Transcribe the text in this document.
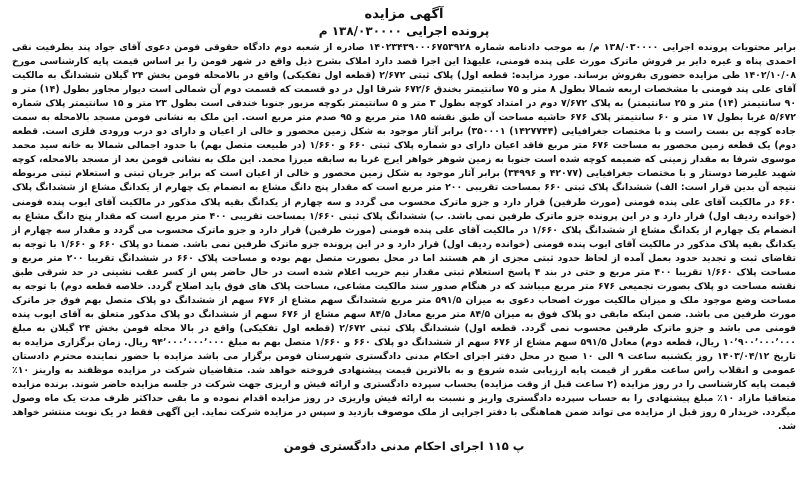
آگهی مزایده
پرونده اجرایی ۱۳۸/۰۳۰۰۰۰ م

برابر محتویات پرونده اجرایی ۱۳۸/۰۳۰۰۰۰ م/ به موجب دادنامه شماره ۱۴۰۲۳۴۳۹۰۰۰۶۷۵۳۹۲۸ صادره از شعبه دوم دادگاه حقوقی فومن دعوی آقای جواد پند بطرفیت نقی احمدی پناه و غیره دایر بر فروش ماترک مورث علی پنده فومنی، علیهذا این اجرا قصد دارد املاک بشرح ذیل واقع در شهر فومن را بر اساس قیمت پایه کارشناسی مورخ ۱۴۰۲/۱۰/۰۸ طی مزایده حضوری بفروش برساند. مورد مزایده: قطعه اول) پلاک ثبتی ۲/۶۷۲ (قطعه اول تفکیکی) واقع در بالامحله فومن بخش ۲۴ گیلان ششدانگ به مالکیت آقای علی پند فومنی با مشخصات اربعه شمالا بطول ۸ متر و ۷۵ سانتیمتر بخندق ۶۷۲/۶ شرقا اول در دو قسمت که قسمت دوم آن شمالی است دیوار مجاور بطول (۱۴) متر و ۹۰ سانتیمتر (۱۴) متر و ۲۵ سانتیمتر) به پلاک ۷/۶۷۲ دوم در امتداد کوچه بطول ۳ متر و ۵ سانتیمتر بکوچه مزبور جنوبا خندقی است بطول ۲۳ متر و ۱۵ سانتیمتر پلاک شماره ۵/۶۷۲ غربا بطول ۱۷ متر و ۶۰ سانتیمتر پلاک ۶۷۶ حاشیه مساحت آن طبق نقشه ۱۸۵ متر مربع و ۹۵ صدم متر مربع است. این ملک به نشانی فومن مسجد بالامحله به سمت جاده کوچه بن بست راست و با مختصات جغرافیایی (۱۴۲۷۷۴۴) ۳۵۰۰۰۱) برابر آثار موجود به شکل زمین محصور و خالی از اعیان و دارای دو درب ورودی فلزی است. قطعه دوم) یک قطعه زمین محصور به مساحت ۶۷۶ متر مربع فاقد اعیان دارای دو شماره پلاک ثبتی ۶۶۰ و ۱/۶۶۰ (در طبیعت متصل بهم) با حدود اجمالی شمالا به خانه سید محمد موسوی شرفا به مقدار زمینی که ضمیمه کوچه شده است جنوبا به زمین شوهر خواهر ایرج غربا به سابقه میرزا محمد. این ملک به نشانی فومن بعد از مسجد بالامحله، کوچه شهید علیرضا دوستار و با مختصات جغرافیایی (۴۲۰۷۷ و ۳۴۹۹۶) برابر آثار موجود به شکل زمین محصور و خالی از اعیان است که برابر جریان ثبتی و استعلام ثبتی مربوطه نتیجه آن بدین قرار است: الف) ششدانگ پلاک ثبتی ۶۶۰ بمساحت تقریبی ۲۰۰ متر مربع است که مقدار پنج دانگ مشاع به انضمام یک چهارم از یکدانگ مشاع از ششدانگ پلاک ۶۶۰ در مالکیت آقای علی پنده فومنی (مورث طرفین) قرار دارد و جزو ماترک محسوب می گردد و سه چهارم از یکدانگ بقیه پلاک مذکور در مالکیت آقای ایوب پنده فومنی (خوانده ردیف اول) قرار دارد و در این پرونده جزو ماترک طرفین نمی باشد. ب) ششدانگ پلاک ثبتی ۱/۶۶۰ بمساحت تقریبی ۴۰۰ متر مربع است که مقدار پنج دانگ مشاع به انضمام یک چهارم از یکدانگ مشاع از ششدانگ پلاک ۱/۶۶۰ در مالکیت آقای علی پنده فومنی (مورث طرفین) قرار دارد و جزو ماترک محسوب می گردد و مقدار سه چهارم از یکدانگ بقیه پلاک مذکور در مالکیت آقای ایوب پنده فومنی (خوانده ردیف اول) قرار دارد و در این پرونده جزو ماترک طرفین نمی باشد. ضمنا دو پلاک ۶۶۰ و ۱/۶۶۰ با توجه به تقاضای ثبت و تجدید حدود بعمل آمده از لحاظ حدود ثبتی مجزی از هم هستند اما در محل بصورت متصل بهم بوده و مساحت پلاک ۶۶۰ در ششدانگ تقریبا ۲۰۰ متر مربع و مساحت پلاک ۱/۶۶۰ تقریبا ۴۰۰ متر مربع و حتی در بند ۴ پاسخ استعلام ثبتی مقدار نیم حریب اعلام شده است در حال حاضر پس از کسر عقب نشینی در حد شرقی طبق نقشه مساحت دو پلاک بصورت تجمیعی ۶۷۶ متر مربع میباشد که در هنگام صدور سند مالکیت مشاعی، مساحت پلاک های فوق باید اصلاح گردد. خلاصه قطعه دوم) با توجه به مساحت وضع موجود ملک و میزان مالکیت مورث اصحاب دعوی به میزان ۵۹۱/۵ متر مربع ششدانگ سهم مشاع از ۶۷۶ سهم از ششدانگ دو پلاک متصل بهم فوق جز ماترک مورث طرفین می باشد. ضمن اینکه مابقی دو پلاک فوق به میزان ۸۴/۵ متر مربع معادل ۸۴/۵ سهم مشاع از ۶۷۶ سهم از ششدانگ دو پلاک مذکور متعلق به آقای ایوب پنده فومنی می باشد و جزو ماترک طرفین محسوب نمی گردد. قطعه اول) ششدانگ پلاک ثبتی ۲/۶۷۲ (قطعه اول تفکیکی) واقع در بالا محله فومن بخش ۲۴ گیلان به مبلغ ۱۰٬۹۰۰٬۰۰۰٬۰۰۰ ریال، قطعه دوم) معادل ۵۹۱/۵ سهم مشاع از ۶۷۶ سهم از ششدانگ دو پلاک ۶۶۰ و ۱/۶۶۰ متصل بهم به مبلغ ۹۴٬۰۰۰٬۰۰۰٬۰۰۰ ریال. زمان برگزاری مزایده به تاریخ ۱۴۰۳/۰۴/۱۲ روز یکشنبه ساعت ۹ الی ۱۰ صبح در محل دفتر اجرای احکام مدنی دادگستری شهرستان فومن برگزار می باشد مزایده با حضور نماینده محترم دادستان عمومی و انقلاب راس ساعت مقرر از قیمت پایه ارزیابی شده شروع و به بالاترین قیمت پیشنهادی فروخته خواهد شد. متقاضیان شرکت در مزایده موظفند به وارینز ۱۰٪ قیمت پایه کارشناسی را در روز مزایده (۲ ساعت قبل از وقت مزایده) بحساب سپرده دادگستری و ارائه فیش و اریزی جهت شرکت در جلسه مزایده حاضر شوند. برنده مزایده متعاقبا مازاد ۱۰٪ مبلغ پیشنهادی را به حساب سپرده دادگستری واریز و نسبت به ارائه فیش واریزی در روز مزایده اقدام نموده و ما بقی حداکثر ظرف مدت یک ماه وصول میگردد. خریدار ۵ روز قبل از مزایده می تواند ضمن هماهنگی با دفتر اجرایی از ملک موصوف بازدید و سپس در مزایده شرکت نماید. این آگهی فقط در یک نوبت منتشر خواهد شد.

پ ۱۱۵ اجرای احکام مدنی دادگستری فومن
